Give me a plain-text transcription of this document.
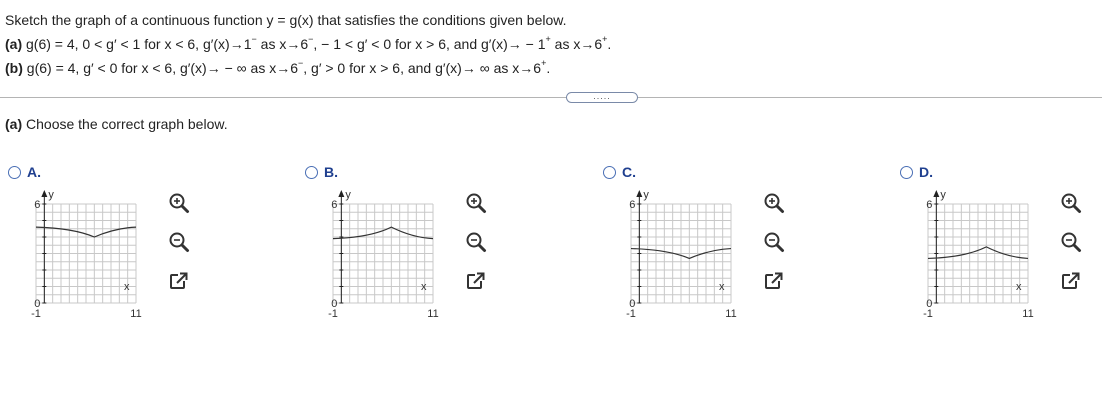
Sketch the graph of a continuous function y = g(x) that satisfies the conditions given below.
(a) g(6) = 4, 0 < g′ < 1 for x < 6, g′(x)→1− as x→6−, − 1 < g′ < 0 for x > 6, and g′(x)→ − 1+ as x→6+.
(b) g(6) = 4, g′ < 0 for x < 6, g′(x)→ − ∞ as x→6−, g′ > 0 for x > 6, and g′(x)→ ∞ as x→6+.
.....
(a) Choose the correct graph below.
A.
y
6
0
x
-1	11
B.
y
6
0
x
-1	11
C.
y
6
0
x
-1	11
D.
y
6
0
x
-1	11
